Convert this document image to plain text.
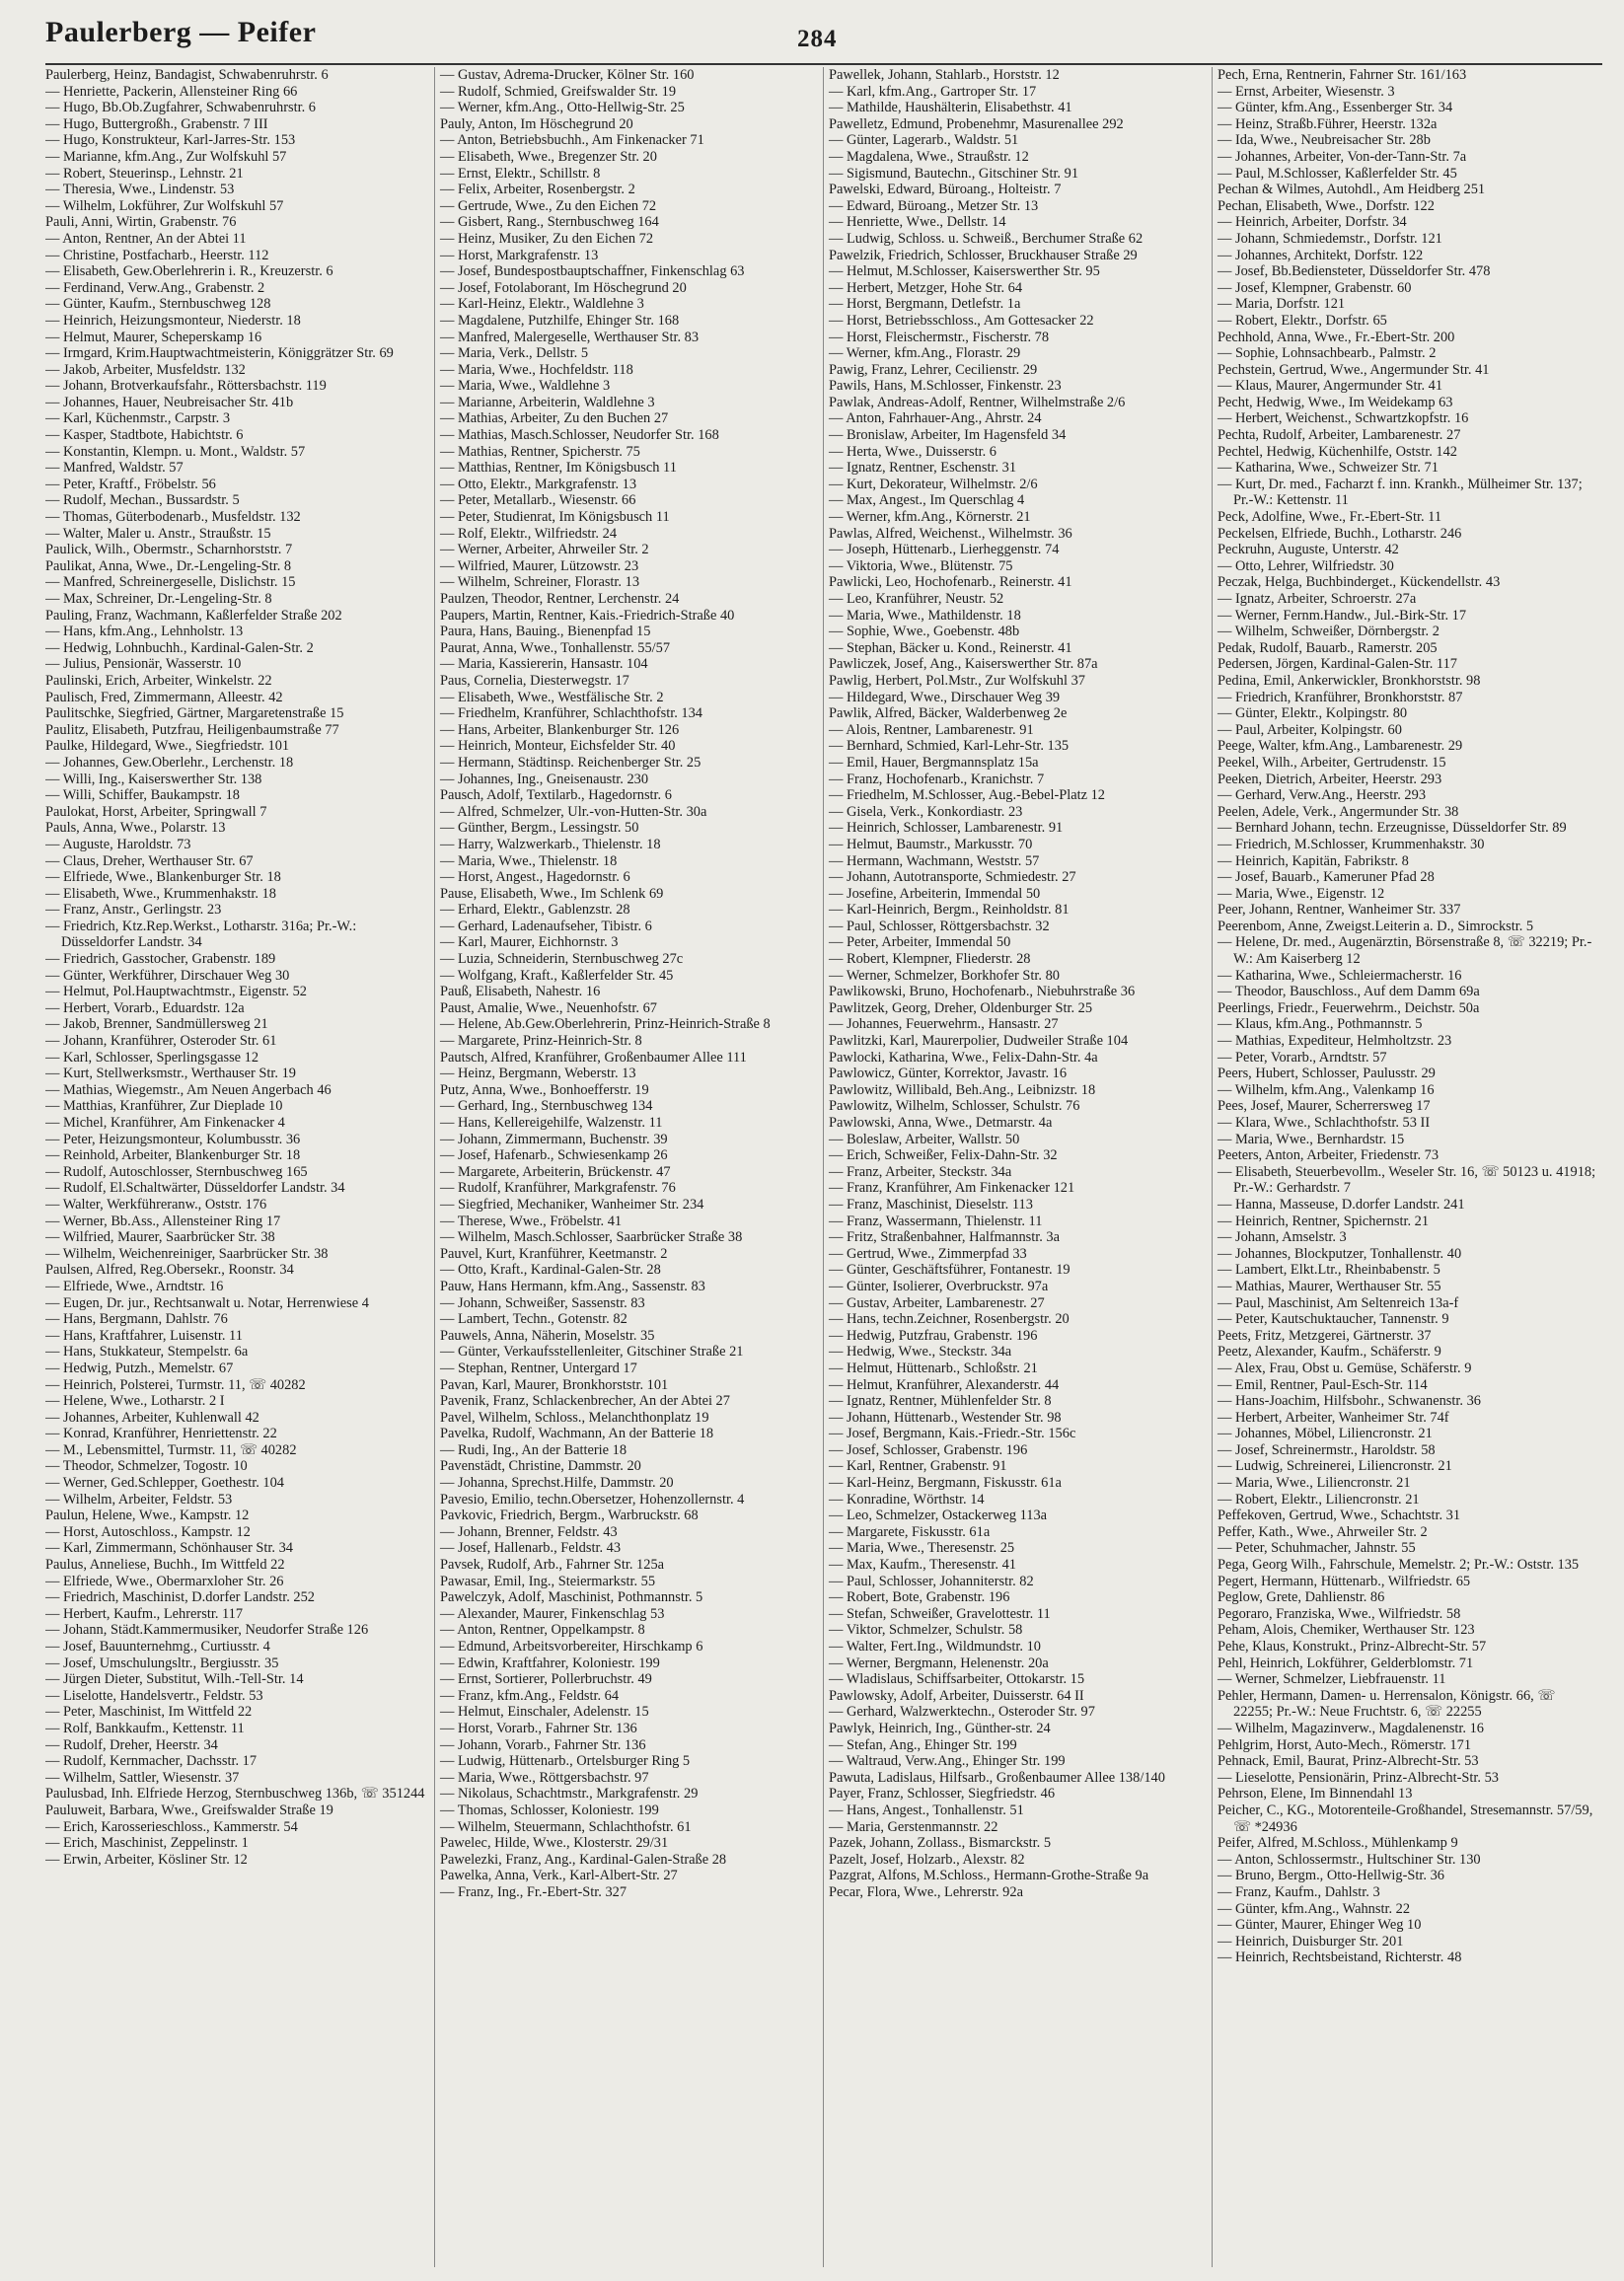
Paulerberg — Peifer	284
Paulerberg, Heinz, Bandagist, Schwabenruhrstr. 6
— Henriette, Packerin, Allensteiner Ring 66
— Hugo, Bb.Ob.Zugfahrer, Schwabenruhrstr. 6
— Hugo, Buttergroßh., Grabenstr. 7 III
— Hugo, Konstrukteur, Karl-Jarres-Str. 153
— Marianne, kfm.Ang., Zur Wolfskuhl 57
— Robert, Steuerinsp., Lehnstr. 21
— Theresia, Wwe., Lindenstr. 53
— Wilhelm, Lokführer, Zur Wolfskuhl 57
Pauli, Anni, Wirtin, Grabenstr. 76
— Anton, Rentner, An der Abtei 11
— Christine, Postfacharb., Heerstr. 112
— Elisabeth, Gew.Oberlehrerin i. R., Kreuzerstr. 6
— Ferdinand, Verw.Ang., Grabenstr. 2
— Günter, Kaufm., Sternbuschweg 128
— Heinrich, Heizungsmonteur, Niederstr. 18
— Helmut, Maurer, Scheperskamp 16
— Irmgard, Krim.Hauptwachtmeisterin, Königgrätzer Str. 69
— Jakob, Arbeiter, Musfeldstr. 132
— Johann, Brotverkaufsfahr., Röttersbachstr. 119
— Johannes, Hauer, Neubreisacher Str. 41b
— Karl, Küchenmstr., Carpstr. 3
— Kasper, Stadtbote, Habichtstr. 6
— Konstantin, Klempn. u. Mont., Waldstr. 57
— Manfred, Waldstr. 57
— Peter, Kraftf., Fröbelstr. 56
— Rudolf, Mechan., Bussardstr. 5
— Thomas, Güterbodenarb., Musfeldstr. 132
— Walter, Maler u. Anstr., Straußstr. 15
Paulick, Wilh., Obermstr., Scharnhorststr. 7
Paulikat, Anna, Wwe., Dr.-Lengeling-Str. 8
— Manfred, Schreinergeselle, Dislichstr. 15
— Max, Schreiner, Dr.-Lengeling-Str. 8
Pauling, Franz, Wachmann, Kaßlerfelder Straße 202
— Hans, kfm.Ang., Lehnholstr. 13
— Hedwig, Lohnbuchh., Kardinal-Galen-Str. 2
— Julius, Pensionär, Wasserstr. 10
Paulinski, Erich, Arbeiter, Winkelstr. 22
Paulisch, Fred, Zimmermann, Alleestr. 42
Paulitschke, Siegfried, Gärtner, Margaretenstraße 15
Paulitz, Elisabeth, Putzfrau, Heiligenbaumstraße 77
Paulke, Hildegard, Wwe., Siegfriedstr. 101
— Johannes, Gew.Oberlehr., Lerchenstr. 18
— Willi, Ing., Kaiserswerther Str. 138
— Willi, Schiffer, Baukampstr. 18
Paulokat, Horst, Arbeiter, Springwall 7
Pauls, Anna, Wwe., Polarstr. 13
— Auguste, Haroldstr. 73
— Claus, Dreher, Werthauser Str. 67
— Elfriede, Wwe., Blankenburger Str. 18
— Elisabeth, Wwe., Krummenhakstr. 18
— Franz, Anstr., Gerlingstr. 23
— Friedrich, Ktz.Rep.Werkst., Lotharstr. 316a; Pr.-W.: Düsseldorfer Landstr. 34
— Friedrich, Gasstocher, Grabenstr. 189
— Günter, Werkführer, Dirschauer Weg 30
— Helmut, Pol.Hauptwachtmstr., Eigenstr. 52
— Herbert, Vorarb., Eduardstr. 12a
— Jakob, Brenner, Sandmüllersweg 21
— Johann, Kranführer, Osteroder Str. 61
— Karl, Schlosser, Sperlingsgasse 12
— Kurt, Stellwerksmstr., Werthauser Str. 19
— Mathias, Wiegemstr., Am Neuen Angerbach 46
— Matthias, Kranführer, Zur Dieplade 10
— Michel, Kranführer, Am Finkenacker 4
— Peter, Heizungsmonteur, Kolumbusstr. 36
— Reinhold, Arbeiter, Blankenburger Str. 18
— Rudolf, Autoschlosser, Sternbuschweg 165
— Rudolf, El.Schaltwärter, Düsseldorfer Landstr. 34
— Walter, Werkführeranw., Oststr. 176
— Werner, Bb.Ass., Allensteiner Ring 17
— Wilfried, Maurer, Saarbrücker Str. 38
— Wilhelm, Weichenreiniger, Saarbrücker Str. 38
Paulsen, Alfred, Reg.Obersekr., Roonstr. 34
— Elfriede, Wwe., Arndtstr. 16
— Eugen, Dr. jur., Rechtsanwalt u. Notar, Herrenwiese 4
— Hans, Bergmann, Dahlstr. 76
— Hans, Kraftfahrer, Luisenstr. 11
— Hans, Stukkateur, Stempelstr. 6a
— Hedwig, Putzh., Memelstr. 67
— Heinrich, Polsterei, Turmstr. 11, ☏ 40282
— Helene, Wwe., Lotharstr. 2 I
— Johannes, Arbeiter, Kuhlenwall 42
— Konrad, Kranführer, Henriettenstr. 22
— M., Lebensmittel, Turmstr. 11, ☏ 40282
— Theodor, Schmelzer, Togostr. 10
— Werner, Ged.Schlepper, Goethestr. 104
— Wilhelm, Arbeiter, Feldstr. 53
Paulun, Helene, Wwe., Kampstr. 12
— Horst, Autoschloss., Kampstr. 12
— Karl, Zimmermann, Schönhauser Str. 34
Paulus, Anneliese, Buchh., Im Wittfeld 22
— Elfriede, Wwe., Obermarxloher Str. 26
— Friedrich, Maschinist, D.dorfer Landstr. 252
— Herbert, Kaufm., Lehrerstr. 117
— Johann, Städt.Kammermusiker, Neudorfer Straße 126
— Josef, Bauunternehmg., Curtiusstr. 4
— Josef, Umschulungsltr., Bergiusstr. 35
— Jürgen Dieter, Substitut, Wilh.-Tell-Str. 14
— Liselotte, Handelsvertr., Feldstr. 53
— Peter, Maschinist, Im Wittfeld 22
— Rolf, Bankkaufm., Kettenstr. 11
— Rudolf, Dreher, Heerstr. 34
— Rudolf, Kernmacher, Dachsstr. 17
— Wilhelm, Sattler, Wiesenstr. 37
Paulusbad, Inh. Elfriede Herzog, Sternbuschweg 136b, ☏ 351244
Pauluweit, Barbara, Wwe., Greifswalder Straße 19
— Erich, Karosserieschloss., Kammerstr. 54
— Erich, Maschinist, Zeppelinstr. 1
— Erwin, Arbeiter, Kösliner Str. 12
— Gustav, Adrema-Drucker, Kölner Str. 160
— Rudolf, Schmied, Greifswalder Str. 19
— Werner, kfm.Ang., Otto-Hellwig-Str. 25
Pauly, Anton, Im Höschegrund 20
— Anton, Betriebsbuchh., Am Finkenacker 71
— Elisabeth, Wwe., Bregenzer Str. 20
— Ernst, Elektr., Schillstr. 8
— Felix, Arbeiter, Rosenbergstr. 2
— Gertrude, Wwe., Zu den Eichen 72
— Gisbert, Rang., Sternbuschweg 164
— Heinz, Musiker, Zu den Eichen 72
— Horst, Markgrafenstr. 13
— Josef, Bundespostbauptschaffner, Finkenschlag 63
— Josef, Fotolaborant, Im Höschegrund 20
— Karl-Heinz, Elektr., Waldlehne 3
— Magdalene, Putzhilfe, Ehinger Str. 168
— Manfred, Malergeselle, Werthauser Str. 83
— Maria, Verk., Dellstr. 5
— Maria, Wwe., Hochfeldstr. 118
— Maria, Wwe., Waldlehne 3
— Marianne, Arbeiterin, Waldlehne 3
— Mathias, Arbeiter, Zu den Buchen 27
— Mathias, Masch.Schlosser, Neudorfer Str. 168
— Mathias, Rentner, Spicherstr. 75
— Matthias, Rentner, Im Königsbusch 11
— Otto, Elektr., Markgrafenstr. 13
— Peter, Metallarb., Wiesenstr. 66
— Peter, Studienrat, Im Königsbusch 11
— Rolf, Elektr., Wilfriedstr. 24
— Werner, Arbeiter, Ahrweiler Str. 2
— Wilfried, Maurer, Lützowstr. 23
— Wilhelm, Schreiner, Florastr. 13
Paulzen, Theodor, Rentner, Lerchenstr. 24
Paupers, Martin, Rentner, Kais.-Friedrich-Straße 40
Paura, Hans, Bauing., Bienenpfad 15
Paurat, Anna, Wwe., Tonhallenstr. 55/57
— Maria, Kassiererin, Hansastr. 104
Paus, Cornelia, Diesterwegstr. 17
— Elisabeth, Wwe., Westfälische Str. 2
— Friedhelm, Kranführer, Schlachthofstr. 134
— Hans, Arbeiter, Blankenburger Str. 126
— Heinrich, Monteur, Eichsfelder Str. 40
— Hermann, Städtinsp. Reichenberger Str. 25
— Johannes, Ing., Gneisenaustr. 230
Pausch, Adolf, Textilarb., Hagedornstr. 6
— Alfred, Schmelzer, Ulr.-von-Hutten-Str. 30a
— Günther, Bergm., Lessingstr. 50
— Harry, Walzwerkarb., Thielenstr. 18
— Maria, Wwe., Thielenstr. 18
— Horst, Angest., Hagedornstr. 6
Pause, Elisabeth, Wwe., Im Schlenk 69
— Erhard, Elektr., Gablenzstr. 28
— Gerhard, Ladenaufseher, Tibistr. 6
— Karl, Maurer, Eichhornstr. 3
— Luzia, Schneiderin, Sternbuschweg 27c
— Wolfgang, Kraft., Kaßlerfelder Str. 45
Pauß, Elisabeth, Nahestr. 16
Paust, Amalie, Wwe., Neuenhofstr. 67
— Helene, Ab.Gew.Oberlehrerin, Prinz-Heinrich-Straße 8
— Margarete, Prinz-Heinrich-Str. 8
Pautsch, Alfred, Kranführer, Großenbaumer Allee 111
— Heinz, Bergmann, Weberstr. 13
Putz, Anna, Wwe., Bonhoefferstr. 19
— Gerhard, Ing., Sternbuschweg 134
— Hans, Kellereigehilfe, Walzenstr. 11
— Johann, Zimmermann, Buchenstr. 39
— Josef, Hafenarb., Schwiesenkamp 26
— Margarete, Arbeiterin, Brückenstr. 47
— Rudolf, Kranführer, Markgrafenstr. 76
— Siegfried, Mechaniker, Wanheimer Str. 234
— Therese, Wwe., Fröbelstr. 41
— Wilhelm, Masch.Schlosser, Saarbrücker Straße 38
Pauvel, Kurt, Kranführer, Keetmanstr. 2
— Otto, Kraft., Kardinal-Galen-Str. 28
Pauw, Hans Hermann, kfm.Ang., Sassenstr. 83
— Johann, Schweißer, Sassenstr. 83
— Lambert, Techn., Gotenstr. 82
Pauwels, Anna, Näherin, Moselstr. 35
— Günter, Verkaufsstellenleiter, Gitschiner Straße 21
— Stephan, Rentner, Untergard 17
Pavan, Karl, Maurer, Bronkhorststr. 101
Pavenik, Franz, Schlackenbrecher, An der Abtei 27
Pavel, Wilhelm, Schloss., Melanchthonplatz 19
Pavelka, Rudolf, Wachmann, An der Batterie 18
— Rudi, Ing., An der Batterie 18
Pavenstädt, Christine, Dammstr. 20
— Johanna, Sprechst.Hilfe, Dammstr. 20
Pavesio, Emilio, techn.Obersetzer, Hohenzollernstr. 4
Pavkovic, Friedrich, Bergm., Warbruckstr. 68
— Johann, Brenner, Feldstr. 43
— Josef, Hallenarb., Feldstr. 43
Pavsek, Rudolf, Arb., Fahrner Str. 125a
Pawasar, Emil, Ing., Steiermarkstr. 55
Pawelczyk, Adolf, Maschinist, Pothmannstr. 5
— Alexander, Maurer, Finkenschlag 53
— Anton, Rentner, Oppelkampstr. 8
— Edmund, Arbeitsvorbereiter, Hirschkamp 6
— Edwin, Kraftfahrer, Koloniestr. 199
— Ernst, Sortierer, Pollerbruchstr. 49
— Franz, kfm.Ang., Feldstr. 64
— Helmut, Einschaler, Adelenstr. 15
— Horst, Vorarb., Fahrner Str. 136
— Johann, Vorarb., Fahrner Str. 136
— Ludwig, Hüttenarb., Ortelsburger Ring 5
— Maria, Wwe., Röttgersbachstr. 97
— Nikolaus, Schachtmstr., Markgrafenstr. 29
— Thomas, Schlosser, Koloniestr. 199
— Wilhelm, Steuermann, Schlachthofstr. 61
Pawelec, Hilde, Wwe., Klosterstr. 29/31
Pawelezki, Franz, Ang., Kardinal-Galen-Straße 28
Pawelka, Anna, Verk., Karl-Albert-Str. 27
— Franz, Ing., Fr.-Ebert-Str. 327
Pawellek, Johann, Stahlarb., Horststr. 12
— Karl, kfm.Ang., Gartroper Str. 17
— Mathilde, Haushälterin, Elisabethstr. 41
Pawelletz, Edmund, Probenehmr, Masurenallee 292
— Günter, Lagerarb., Waldstr. 51
— Magdalena, Wwe., Straußstr. 12
— Sigismund, Bautechn., Gitschiner Str. 91
Pawelski, Edward, Büroang., Holteistr. 7
— Edward, Büroang., Metzer Str. 13
— Henriette, Wwe., Dellstr. 14
— Ludwig, Schloss. u. Schweiß., Berchumer Straße 62
Pawelzik, Friedrich, Schlosser, Bruckhauser Straße 29
— Helmut, M.Schlosser, Kaiserswerther Str. 95
— Herbert, Metzger, Hohe Str. 64
— Horst, Bergmann, Detlefstr. 1a
— Horst, Betriebsschloss., Am Gottesacker 22
— Horst, Fleischermstr., Fischerstr. 78
— Werner, kfm.Ang., Florastr. 29
Pawig, Franz, Lehrer, Cecilienstr. 29
Pawils, Hans, M.Schlosser, Finkenstr. 23
Pawlak, Andreas-Adolf, Rentner, Wilhelmstraße 2/6
— Anton, Fahrhauer-Ang., Ahrstr. 24
— Bronislaw, Arbeiter, Im Hagensfeld 34
— Herta, Wwe., Duisserstr. 6
— Ignatz, Rentner, Eschenstr. 31
— Kurt, Dekorateur, Wilhelmstr. 2/6
— Max, Angest., Im Querschlag 4
— Werner, kfm.Ang., Körnerstr. 21
Pawlas, Alfred, Weichenst., Wilhelmstr. 36
— Joseph, Hüttenarb., Lierheggenstr. 74
— Viktoria, Wwe., Blütenstr. 75
Pawlicki, Leo, Hochofenarb., Reinerstr. 41
— Leo, Kranführer, Neustr. 52
— Maria, Wwe., Mathildenstr. 18
— Sophie, Wwe., Goebenstr. 48b
— Stephan, Bäcker u. Kond., Reinerstr. 41
Pawliczek, Josef, Ang., Kaiserswerther Str. 87a
Pawlig, Herbert, Pol.Mstr., Zur Wolfskuhl 37
— Hildegard, Wwe., Dirschauer Weg 39
Pawlik, Alfred, Bäcker, Walderbenweg 2e
— Alois, Rentner, Lambarenestr. 91
— Bernhard, Schmied, Karl-Lehr-Str. 135
— Emil, Hauer, Bergmannsplatz 15a
— Franz, Hochofenarb., Kranichstr. 7
— Friedhelm, M.Schlosser, Aug.-Bebel-Platz 12
— Gisela, Verk., Konkordiastr. 23
— Heinrich, Schlosser, Lambarenestr. 91
— Helmut, Baumstr., Markusstr. 70
— Hermann, Wachmann, Weststr. 57
— Johann, Autotransporte, Schmiedestr. 27
— Josefine, Arbeiterin, Immendal 50
— Karl-Heinrich, Bergm., Reinholdstr. 81
— Paul, Schlosser, Röttgersbachstr. 32
— Peter, Arbeiter, Immendal 50
— Robert, Klempner, Fliederstr. 28
— Werner, Schmelzer, Borkhofer Str. 80
Pawlikowski, Bruno, Hochofenarb., Niebuhrstraße 36
Pawlitzek, Georg, Dreher, Oldenburger Str. 25
— Johannes, Feuerwehrm., Hansastr. 27
Pawlitzki, Karl, Maurerpolier, Dudweiler Straße 104
Pawlocki, Katharina, Wwe., Felix-Dahn-Str. 4a
Pawlowicz, Günter, Korrektor, Javastr. 16
Pawlowitz, Willibald, Beh.Ang., Leibnizstr. 18
Pawlowitz, Wilhelm, Schlosser, Schulstr. 76
Pawlowski, Anna, Wwe., Detmarstr. 4a
— Boleslaw, Arbeiter, Wallstr. 50
— Erich, Schweißer, Felix-Dahn-Str. 32
— Franz, Arbeiter, Steckstr. 34a
— Franz, Kranführer, Am Finkenacker 121
— Franz, Maschinist, Dieselstr. 113
— Franz, Wassermann, Thielenstr. 11
— Fritz, Straßenbahner, Halfmannstr. 3a
— Gertrud, Wwe., Zimmerpfad 33
— Günter, Geschäftsführer, Fontanestr. 19
— Günter, Isolierer, Overbruckstr. 97a
— Gustav, Arbeiter, Lambarenestr. 27
— Hans, techn.Zeichner, Rosenbergstr. 20
— Hedwig, Putzfrau, Grabenstr. 196
— Hedwig, Wwe., Steckstr. 34a
— Helmut, Hüttenarb., Schloßstr. 21
— Helmut, Kranführer, Alexanderstr. 44
— Ignatz, Rentner, Mühlenfelder Str. 8
— Johann, Hüttenarb., Westender Str. 98
— Josef, Bergmann, Kais.-Friedr.-Str. 156c
— Josef, Schlosser, Grabenstr. 196
— Karl, Rentner, Grabenstr. 91
— Karl-Heinz, Bergmann, Fiskusstr. 61a
— Konradine, Wörthstr. 14
— Leo, Schmelzer, Ostackerweg 113a
— Margarete, Fiskusstr. 61a
— Maria, Wwe., Theresenstr. 25
— Max, Kaufm., Theresenstr. 41
— Paul, Schlosser, Johanniterstr. 82
— Robert, Bote, Grabenstr. 196
— Stefan, Schweißer, Gravelottestr. 11
— Viktor, Schmelzer, Schulstr. 58
— Walter, Fert.Ing., Wildmundstr. 10
— Werner, Bergmann, Helenenstr. 20a
— Wladislaus, Schiffsarbeiter, Ottokarstr. 15
Pawlowsky, Adolf, Arbeiter, Duisserstr. 64 II
— Gerhard, Walzwerktechn., Osteroder Str. 97
Pawlyk, Heinrich, Ing., Günther-str. 24
— Stefan, Ang., Ehinger Str. 199
— Waltraud, Verw.Ang., Ehinger Str. 199
Pawuta, Ladislaus, Hilfsarb., Großenbaumer Allee 138/140
Payer, Franz, Schlosser, Siegfriedstr. 46
— Hans, Angest., Tonhallenstr. 51
— Maria, Gerstenmannstr. 22
Pazek, Johann, Zollass., Bismarckstr. 5
Pazelt, Josef, Holzarb., Alexstr. 82
Pazgrat, Alfons, M.Schloss., Hermann-Grothe-Straße 9a
Pecar, Flora, Wwe., Lehrerstr. 92a
Pech, Erna, Rentnerin, Fahrner Str. 161/163
— Ernst, Arbeiter, Wiesenstr. 3
— Günter, kfm.Ang., Essenberger Str. 34
— Heinz, Straßb.Führer, Heerstr. 132a
— Ida, Wwe., Neubreisacher Str. 28b
— Johannes, Arbeiter, Von-der-Tann-Str. 7a
— Paul, M.Schlosser, Kaßlerfelder Str. 45
Pechan & Wilmes, Autohdl., Am Heidberg 251
Pechan, Elisabeth, Wwe., Dorfstr. 122
— Heinrich, Arbeiter, Dorfstr. 34
— Johann, Schmiedemstr., Dorfstr. 121
— Johannes, Architekt, Dorfstr. 122
— Josef, Bb.Bediensteter, Düsseldorfer Str. 478
— Josef, Klempner, Grabenstr. 60
— Maria, Dorfstr. 121
— Robert, Elektr., Dorfstr. 65
Pechhold, Anna, Wwe., Fr.-Ebert-Str. 200
— Sophie, Lohnsachbearb., Palmstr. 2
Pechstein, Gertrud, Wwe., Angermunder Str. 41
— Klaus, Maurer, Angermunder Str. 41
Pecht, Hedwig, Wwe., Im Weidekamp 63
— Herbert, Weichenst., Schwartzkopfstr. 16
Pechta, Rudolf, Arbeiter, Lambarenestr. 27
Pechtel, Hedwig, Küchenhilfe, Oststr. 142
— Katharina, Wwe., Schweizer Str. 71
— Kurt, Dr. med., Facharzt f. inn. Krankh., Mülheimer Str. 137; Pr.-W.: Kettenstr. 11
Peck, Adolfine, Wwe., Fr.-Ebert-Str. 11
Peckelsen, Elfriede, Buchh., Lotharstr. 246
Peckruhn, Auguste, Unterstr. 42
— Otto, Lehrer, Wilfriedstr. 30
Peczak, Helga, Buchbinderget., Kückendellstr. 43
— Ignatz, Arbeiter, Schroerstr. 27a
— Werner, Fernm.Handw., Jul.-Birk-Str. 17
— Wilhelm, Schweißer, Dörnbergstr. 2
Pedak, Rudolf, Bauarb., Ramerstr. 205
Pedersen, Jörgen, Kardinal-Galen-Str. 117
Pedina, Emil, Ankerwickler, Bronkhorststr. 98
— Friedrich, Kranführer, Bronkhorststr. 87
— Günter, Elektr., Kolpingstr. 80
— Paul, Arbeiter, Kolpingstr. 60
Peege, Walter, kfm.Ang., Lambarenestr. 29
Peekel, Wilh., Arbeiter, Gertrudenstr. 15
Peeken, Dietrich, Arbeiter, Heerstr. 293
— Gerhard, Verw.Ang., Heerstr. 293
Peelen, Adele, Verk., Angermunder Str. 38
— Bernhard Johann, techn. Erzeugnisse, Düsseldorfer Str. 89
— Friedrich, M.Schlosser, Krummenhakstr. 30
— Heinrich, Kapitän, Fabrikstr. 8
— Josef, Bauarb., Kameruner Pfad 28
— Maria, Wwe., Eigenstr. 12
Peer, Johann, Rentner, Wanheimer Str. 337
Peerenbom, Anne, Zweigst.Leiterin a. D., Simrockstr. 5
— Helene, Dr. med., Augenärztin, Börsenstraße 8, ☏ 32219; Pr.-W.: Am Kaiserberg 12
— Katharina, Wwe., Schleiermacherstr. 16
— Theodor, Bauschloss., Auf dem Damm 69a
Peerlings, Friedr., Feuerwehrm., Deichstr. 50a
— Klaus, kfm.Ang., Pothmannstr. 5
— Mathias, Expediteur, Helmholtzstr. 23
— Peter, Vorarb., Arndtstr. 57
Peers, Hubert, Schlosser, Paulusstr. 29
— Wilhelm, kfm.Ang., Valenkamp 16
Pees, Josef, Maurer, Scherrersweg 17
— Klara, Wwe., Schlachthofstr. 53 II
— Maria, Wwe., Bernhardstr. 15
Peeters, Anton, Arbeiter, Friedenstr. 73
— Elisabeth, Steuerbevollm., Weseler Str. 16, ☏ 50123 u. 41918; Pr.-W.: Gerhardstr. 7
— Hanna, Masseuse, D.dorfer Landstr. 241
— Heinrich, Rentner, Spichernstr. 21
— Johann, Amselstr. 3
— Johannes, Blockputzer, Tonhallenstr. 40
— Lambert, Elkt.Ltr., Rheinbabenstr. 5
— Mathias, Maurer, Werthauser Str. 55
— Paul, Maschinist, Am Seltenreich 13a-f
— Peter, Kautschuktaucher, Tannenstr. 9
Peets, Fritz, Metzgerei, Gärtnerstr. 37
Peetz, Alexander, Kaufm., Schäferstr. 9
— Alex, Frau, Obst u. Gemüse, Schäferstr. 9
— Emil, Rentner, Paul-Esch-Str. 114
— Hans-Joachim, Hilfsbohr., Schwanenstr. 36
— Herbert, Arbeiter, Wanheimer Str. 74f
— Johannes, Möbel, Liliencronstr. 21
— Josef, Schreinermstr., Haroldstr. 58
— Ludwig, Schreinerei, Liliencronstr. 21
— Maria, Wwe., Liliencronstr. 21
— Robert, Elektr., Liliencronstr. 21
Peffekoven, Gertrud, Wwe., Schachtstr. 31
Peffer, Kath., Wwe., Ahrweiler Str. 2
— Peter, Schuhmacher, Jahnstr. 55
Pega, Georg Wilh., Fahrschule, Memelstr. 2; Pr.-W.: Oststr. 135
Pegert, Hermann, Hüttenarb., Wilfriedstr. 65
Peglow, Grete, Dahlienstr. 86
Pegoraro, Franziska, Wwe., Wilfriedstr. 58
Peham, Alois, Chemiker, Werthauser Str. 123
Pehe, Klaus, Konstrukt., Prinz-Albrecht-Str. 57
Pehl, Heinrich, Lokführer, Gelderblomstr. 71
— Werner, Schmelzer, Liebfrauenstr. 11
Pehler, Hermann, Damen- u. Herrensalon, Königstr. 66, ☏ 22255; Pr.-W.: Neue Fruchtstr. 6, ☏ 22255
— Wilhelm, Magazinverw., Magdalenenstr. 16
Pehlgrim, Horst, Auto-Mech., Römerstr. 171
Pehnack, Emil, Baurat, Prinz-Albrecht-Str. 53
— Lieselotte, Pensionärin, Prinz-Albrecht-Str. 53
Pehrson, Elene, Im Binnendahl 13
Peicher, C., KG., Motorenteile-Großhandel, Stresemannstr. 57/59, ☏ *24936
Peifer, Alfred, M.Schloss., Mühlenkamp 9
— Anton, Schlossermstr., Hultschiner Str. 130
— Bruno, Bergm., Otto-Hellwig-Str. 36
— Franz, Kaufm., Dahlstr. 3
— Günter, kfm.Ang., Wahnstr. 22
— Günter, Maurer, Ehinger Weg 10
— Heinrich, Duisburger Str. 201
— Heinrich, Rechtsbeistand, Richterstr. 48
